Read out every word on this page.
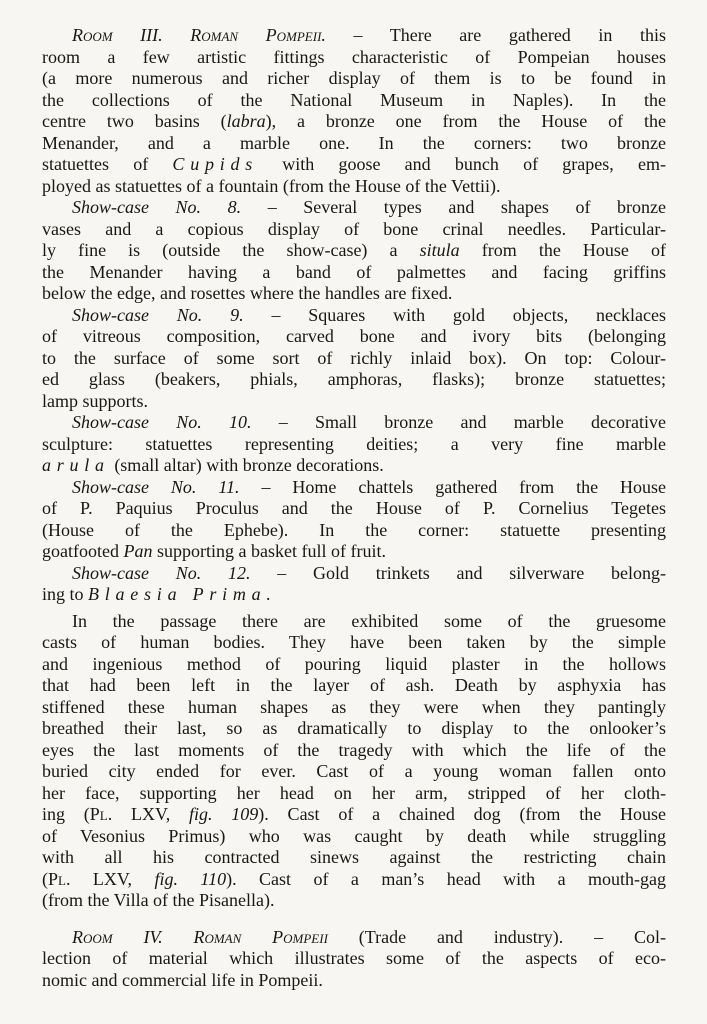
Room III. Roman Pompeii. – There are gathered in this
room a few artistic fittings characteristic of Pompeian houses
(a more numerous and richer display of them is to be found in
the collections of the National Museum in Naples). In the
centre two basins (labra), a bronze one from the House of the
Menander, and a marble one. In the corners: two bronze
statuettes of Cupids with goose and bunch of grapes, em-
ployed as statuettes of a fountain (from the House of the Vettii).
Show-case No. 8. – Several types and shapes of bronze
vases and a copious display of bone crinal needles. Particular-
ly fine is (outside the show-case) a situla from the House of
the Menander having a band of palmettes and facing griffins
below the edge, and rosettes where the handles are fixed.
Show-case No. 9. – Squares with gold objects, necklaces
of vitreous composition, carved bone and ivory bits (belonging
to the surface of some sort of richly inlaid box). On top: Colour-
ed glass (beakers, phials, amphoras, flasks); bronze statuettes;
lamp supports.
Show-case No. 10. – Small bronze and marble decorative
sculpture: statuettes representing deities; a very fine marble
arula (small altar) with bronze decorations.
Show-case No. 11. – Home chattels gathered from the House
of P. Paquius Proculus and the House of P. Cornelius Tegetes
(House of the Ephebe). In the corner: statuette presenting
goatfooted Pan supporting a basket full of fruit.
Show-case No. 12. – Gold trinkets and silverware belong-
ing to Blaesia Prima.
In the passage there are exhibited some of the gruesome
casts of human bodies. They have been taken by the simple
and ingenious method of pouring liquid plaster in the hollows
that had been left in the layer of ash. Death by asphyxia has
stiffened these human shapes as they were when they pantingly
breathed their last, so as dramatically to display to the onlooker’s
eyes the last moments of the tragedy with which the life of the
buried city ended for ever. Cast of a young woman fallen onto
her face, supporting her head on her arm, stripped of her cloth-
ing (Pl. LXV, fig. 109). Cast of a chained dog (from the House
of Vesonius Primus) who was caught by death while struggling
with all his contracted sinews against the restricting chain
(Pl. LXV, fig. 110). Cast of a man’s head with a mouth-gag
(from the Villa of the Pisanella).
Room IV. Roman Pompeii (Trade and industry). – Col-
lection of material which illustrates some of the aspects of eco-
nomic and commercial life in Pompeii.
